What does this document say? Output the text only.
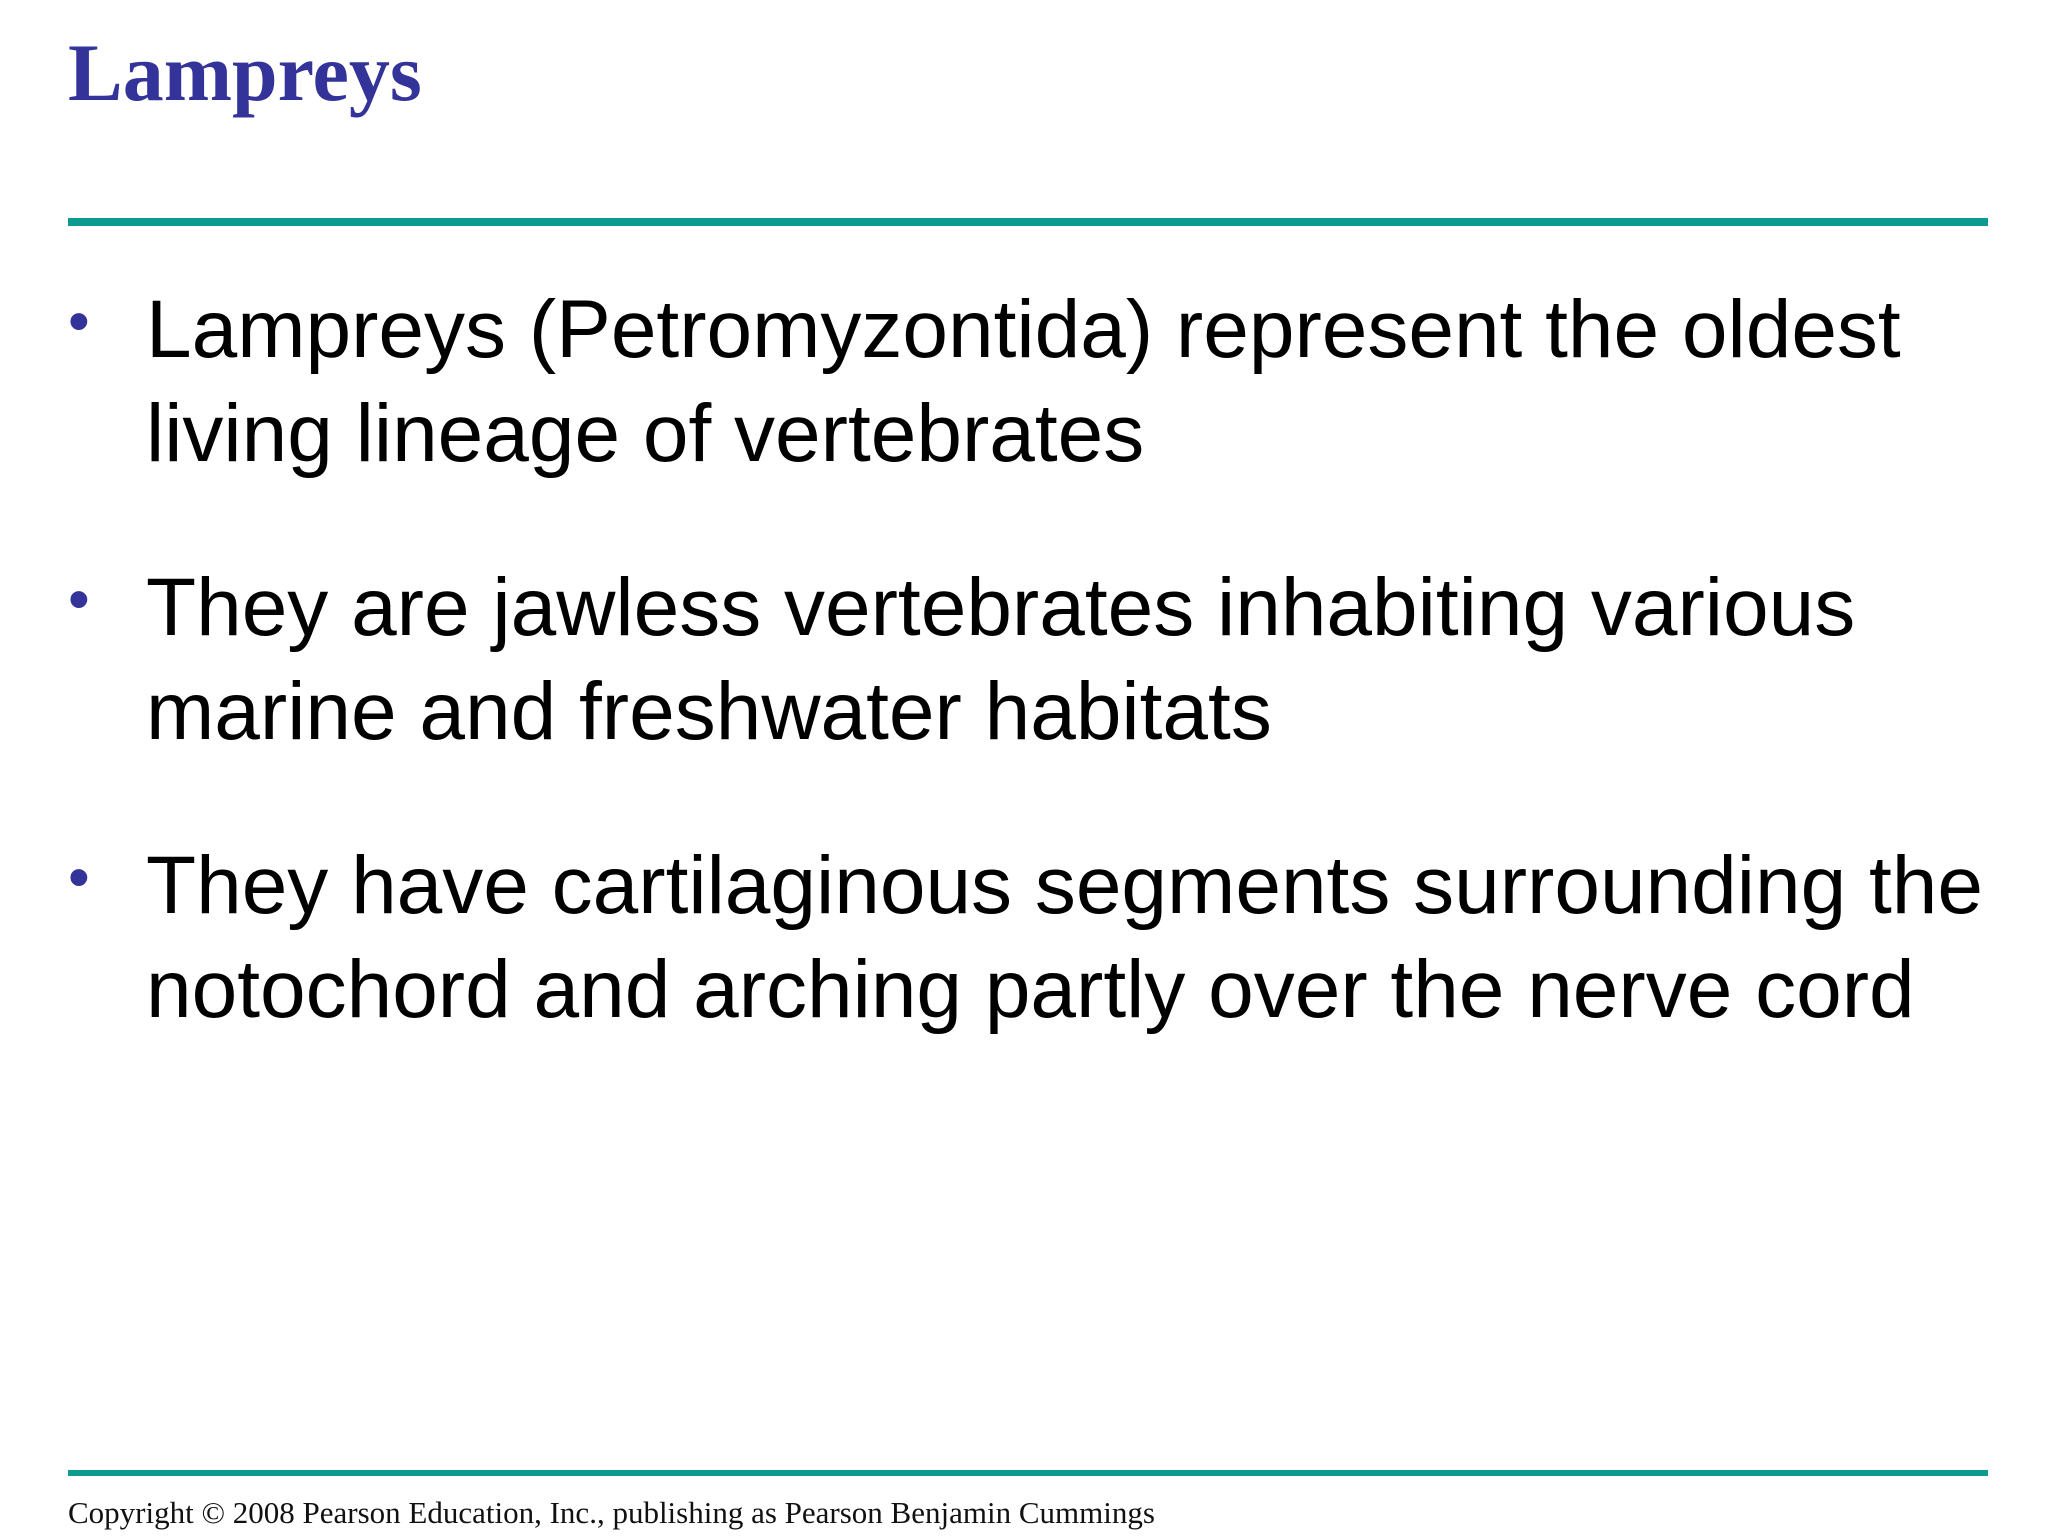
Lampreys
• Lampreys (Petromyzontida) represent the oldest living lineage of vertebrates
• They are jawless vertebrates inhabiting various marine and freshwater habitats
• They have cartilaginous segments surrounding the notochord and arching partly over the nerve cord

Copyright © 2008 Pearson Education, Inc., publishing as Pearson Benjamin Cummings
